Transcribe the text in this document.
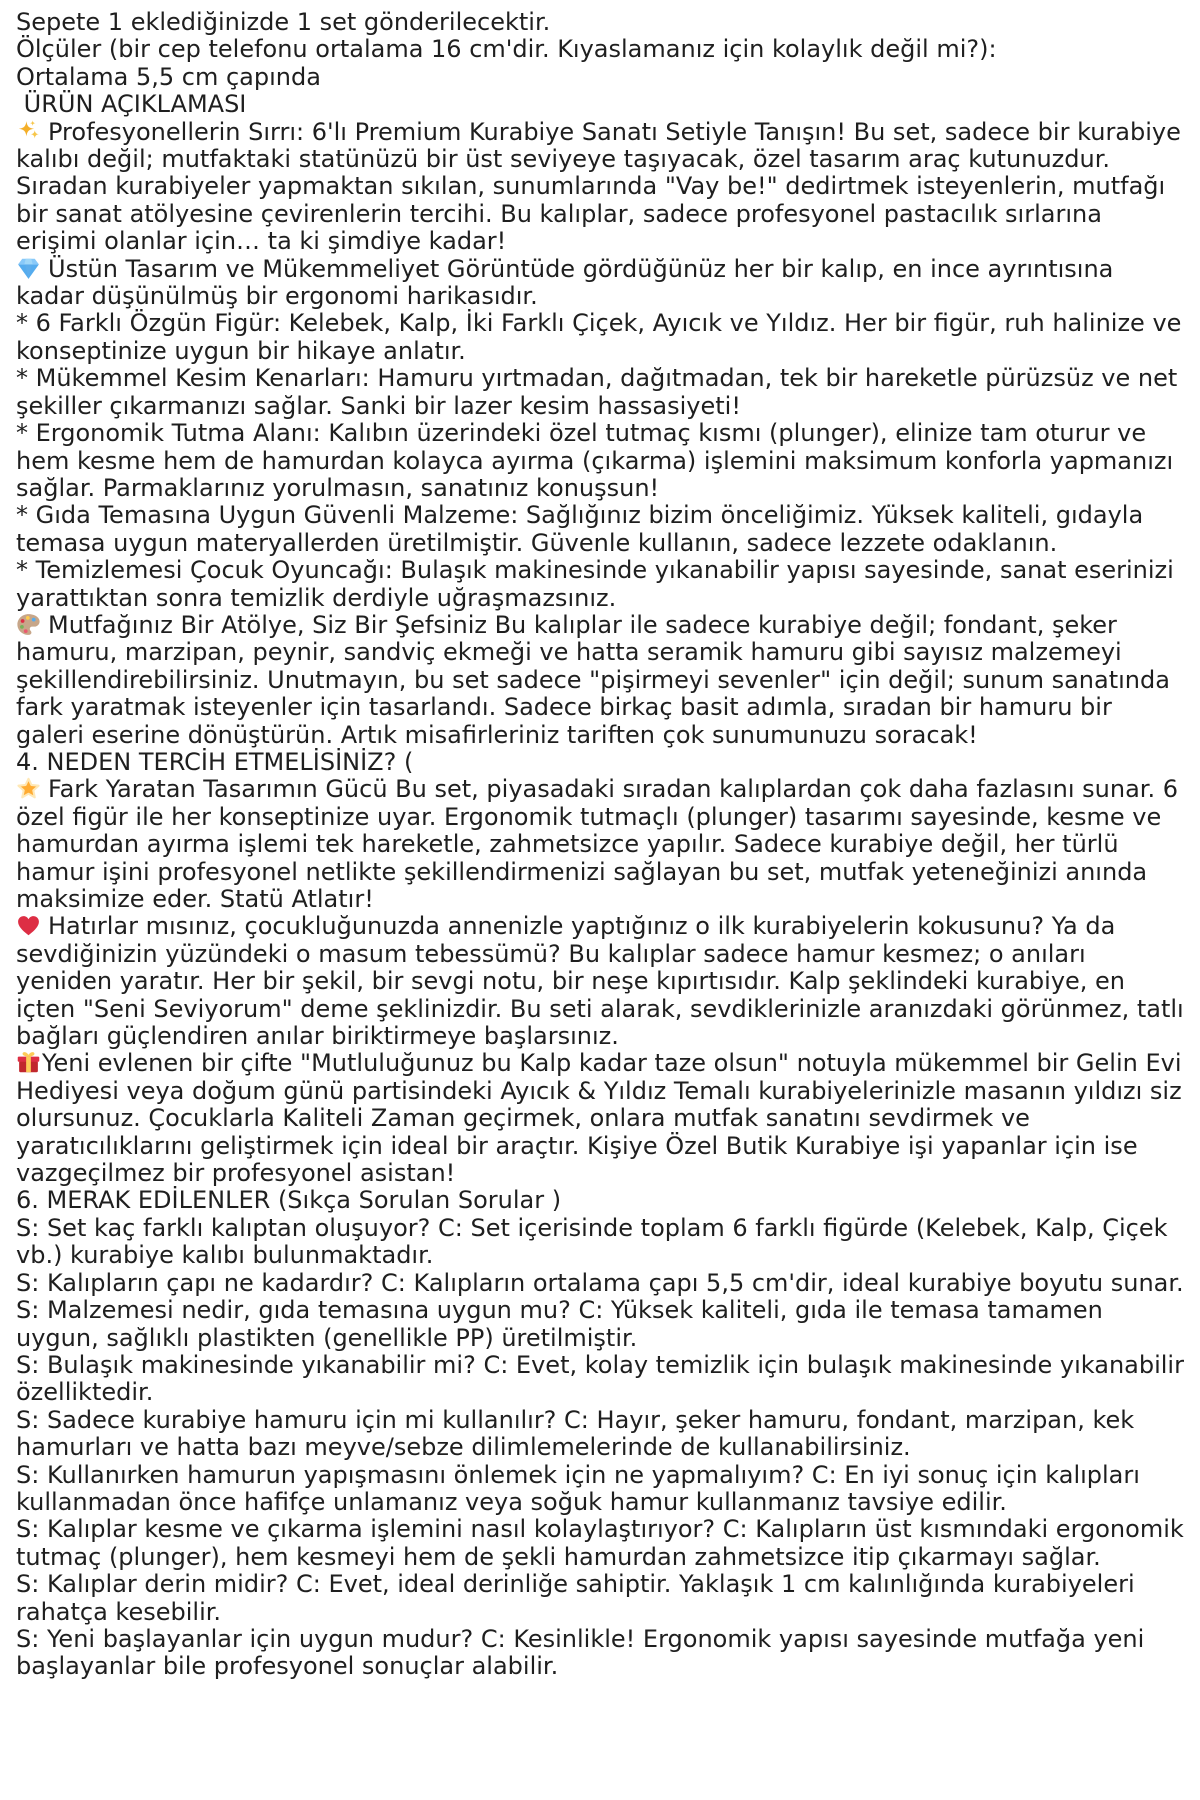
Sepete 1 eklediğinizde 1 set gönderilecektir.

Ölçüler (bir cep telefonu ortalama 16 cm'dir. Kıyaslamanız için kolaylık değil mi?):

Ortalama 5,5 cm çapında

ÜRÜN AÇIKLAMASI

Profesyonellerin Sırrı: 6'lı Premium Kurabiye Sanatı Setiyle Tanışın! Bu set, sadece bir kurabiye kalıbı değil; mutfaktaki statünüzü bir üst seviyeye taşıyacak, özel tasarım araç kutunuzdur. Sıradan kurabiyeler yapmaktan sıkılan, sunumlarında "Vay be!" dedirtmek isteyenlerin, mutfağı bir sanat atölyesine çevirenlerin tercihi. Bu kalıplar, sadece profesyonel pastacılık sırlarına erişimi olanlar için… ta ki şimdiye kadar!

Üstün Tasarım ve Mükemmeliyet Görüntüde gördüğünüz her bir kalıp, en ince ayrıntısına kadar düşünülmüş bir ergonomi harikasıdır.

* 6 Farklı Özgün Figür: Kelebek, Kalp, İki Farklı Çiçek, Ayıcık ve Yıldız. Her bir figür, ruh halinize ve konseptinize uygun bir hikaye anlatır.

* Mükemmel Kesim Kenarları: Hamuru yırtmadan, dağıtmadan, tek bir hareketle pürüzsüz ve net şekiller çıkarmanızı sağlar. Sanki bir lazer kesim hassasiyeti!

* Ergonomik Tutma Alanı: Kalıbın üzerindeki özel tutmaç kısmı (plunger), elinize tam oturur ve hem kesme hem de hamurdan kolayca ayırma (çıkarma) işlemini maksimum konforla yapmanızı sağlar. Parmaklarınız yorulmasın, sanatınız konuşsun!

* Gıda Temasına Uygun Güvenli Malzeme: Sağlığınız bizim önceliğimiz. Yüksek kaliteli, gıdayla temasa uygun materyallerden üretilmiştir. Güvenle kullanın, sadece lezzete odaklanın.

* Temizlemesi Çocuk Oyuncağı: Bulaşık makinesinde yıkanabilir yapısı sayesinde, sanat eserinizi yarattıktan sonra temizlik derdiyle uğraşmazsınız.

Mutfağınız Bir Atölye, Siz Bir Şefsiniz Bu kalıplar ile sadece kurabiye değil; fondant, şeker hamuru, marzipan, peynir, sandviç ekmeği ve hatta seramik hamuru gibi sayısız malzemeyi şekillendirebilirsiniz. Unutmayın, bu set sadece "pişirmeyi sevenler" için değil; sunum sanatında fark yaratmak isteyenler için tasarlandı. Sadece birkaç basit adımla, sıradan bir hamuru bir galeri eserine dönüştürün. Artık misafirleriniz tariften çok sunumunuzu soracak!

4. NEDEN TERCİH ETMELİSİNİZ? (

Fark Yaratan Tasarımın Gücü Bu set, piyasadaki sıradan kalıplardan çok daha fazlasını sunar. 6 özel figür ile her konseptinize uyar. Ergonomik tutmaçlı (plunger) tasarımı sayesinde, kesme ve hamurdan ayırma işlemi tek hareketle, zahmetsizce yapılır. Sadece kurabiye değil, her türlü hamur işini profesyonel netlikte şekillendirmenizi sağlayan bu set, mutfak yeteneğinizi anında maksimize eder. Statü Atlatır!

Hatırlar mısınız, çocukluğunuzda annenizle yaptığınız o ilk kurabiyelerin kokusunu? Ya da sevdiğinizin yüzündeki o masum tebessümü? Bu kalıplar sadece hamur kesmez; o anıları yeniden yaratır. Her bir şekil, bir sevgi notu, bir neşe kıpırtısıdır. Kalp şeklindeki kurabiye, en içten "Seni Seviyorum" deme şeklinizdir. Bu seti alarak, sevdiklerinizle aranızdaki görünmez, tatlı bağları güçlendiren anılar biriktirmeye başlarsınız.

Yeni evlenen bir çifte "Mutluluğunuz bu Kalp kadar taze olsun" notuyla mükemmel bir Gelin Evi Hediyesi veya doğum günü partisindeki Ayıcık & Yıldız Temalı kurabiyelerinizle masanın yıldızı siz olursunuz. Çocuklarla Kaliteli Zaman geçirmek, onlara mutfak sanatını sevdirmek ve yaratıcılıklarını geliştirmek için ideal bir araçtır. Kişiye Özel Butik Kurabiye işi yapanlar için ise vazgeçilmez bir profesyonel asistan!

6. MERAK EDİLENLER (Sıkça Sorulan Sorular )

S: Set kaç farklı kalıptan oluşuyor? C: Set içerisinde toplam 6 farklı figürde (Kelebek, Kalp, Çiçek vb.) kurabiye kalıbı bulunmaktadır.

S: Kalıpların çapı ne kadardır? C: Kalıpların ortalama çapı 5,5 cm'dir, ideal kurabiye boyutu sunar.

S: Malzemesi nedir, gıda temasına uygun mu? C: Yüksek kaliteli, gıda ile temasa tamamen uygun, sağlıklı plastikten (genellikle PP) üretilmiştir.

S: Bulaşık makinesinde yıkanabilir mi? C: Evet, kolay temizlik için bulaşık makinesinde yıkanabilir özelliktedir.

S: Sadece kurabiye hamuru için mi kullanılır? C: Hayır, şeker hamuru, fondant, marzipan, kek hamurları ve hatta bazı meyve/sebze dilimlemelerinde de kullanabilirsiniz.

S: Kullanırken hamurun yapışmasını önlemek için ne yapmalıyım? C: En iyi sonuç için kalıpları kullanmadan önce hafifçe unlamanız veya soğuk hamur kullanmanız tavsiye edilir.

S: Kalıplar kesme ve çıkarma işlemini nasıl kolaylaştırıyor? C: Kalıpların üst kısmındaki ergonomik tutmaç (plunger), hem kesmeyi hem de şekli hamurdan zahmetsizce itip çıkarmayı sağlar.

S: Kalıplar derin midir? C: Evet, ideal derinliğe sahiptir. Yaklaşık 1 cm kalınlığında kurabiyeleri rahatça kesebilir.

S: Yeni başlayanlar için uygun mudur? C: Kesinlikle! Ergonomik yapısı sayesinde mutfağa yeni başlayanlar bile profesyonel sonuçlar alabilir.
